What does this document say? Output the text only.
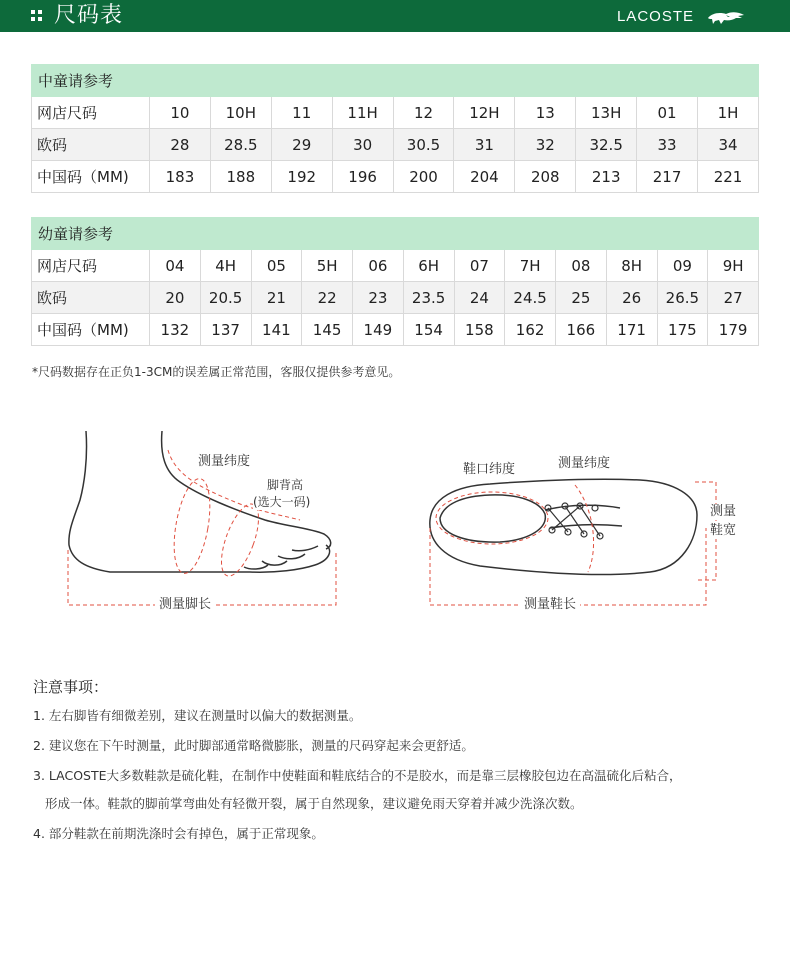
尺码表	LACOSTE
中童请参考										
网店尺码	10	10H	11	11H	12	12H	13	13H	01	1H
欧码	28	28.5	29	30	30.5	31	32	32.5	33	34
中国码（MM)	183	188	192	196	200	204	208	213	217	221
幼童请参考												
网店尺码	04	4H	05	5H	06	6H	07	7H	08	8H	09	9H
欧码	20	20.5	21	22	23	23.5	24	24.5	25	26	26.5	27
中国码（MM)	132	137	141	145	149	154	158	162	166	171	175	179
*尺码数据存在正负1-3CM的误差属正常范围，客服仅提供参考意见。
测量纬度
脚背高
(选大一码)
测量脚长
鞋口纬度	测量纬度
测量
鞋宽
测量鞋长
注意事项：
1. 左右脚皆有细微差别，建议在测量时以偏大的数据测量。
2. 建议您在下午时测量，此时脚部通常略微膨胀，测量的尺码穿起来会更舒适。
3. LACOSTE大多数鞋款是硫化鞋，在制作中使鞋面和鞋底结合的不是胶水，而是靠三层橡胶包边在高温硫化后粘合，
形成一体。鞋款的脚前掌弯曲处有轻微开裂，属于自然现象，建议避免雨天穿着并减少洗涤次数。
4. 部分鞋款在前期洗涤时会有掉色，属于正常现象。
